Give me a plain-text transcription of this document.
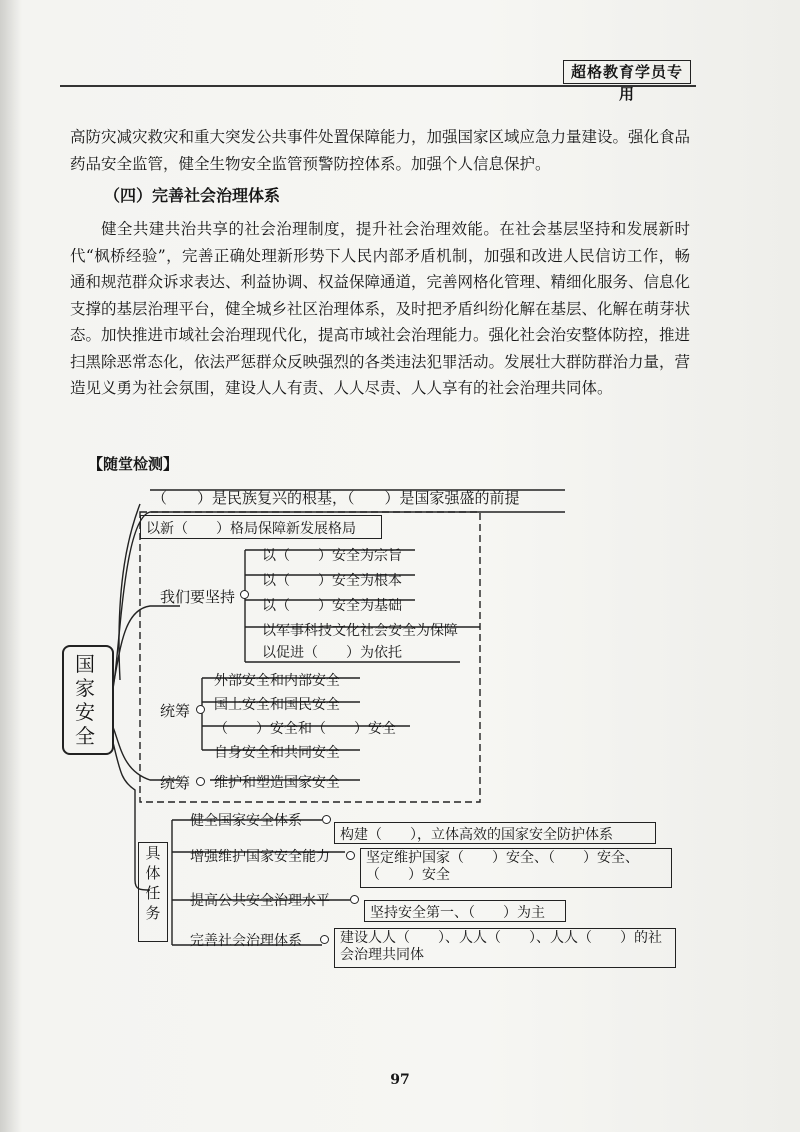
超格教育学员专用
高防灾减灾救灾和重大突发公共事件处置保障能力，加强国家区域应急力量建设。强化食品药品安全监管，健全生物安全监管预警防控体系。加强个人信息保护。
（四）完善社会治理体系
健全共建共治共享的社会治理制度，提升社会治理效能。在社会基层坚持和发展新时代“枫桥经验”，完善正确处理新形势下人民内部矛盾机制，加强和改进人民信访工作，畅通和规范群众诉求表达、利益协调、权益保障通道，完善网格化管理、精细化服务、信息化支撑的基层治理平台，健全城乡社区治理体系，及时把矛盾纠纷化解在基层、化解在萌芽状态。加快推进市域社会治理现代化，提高市域社会治理能力。强化社会治安整体防控，推进扫黑除恶常态化，依法严惩群众反映强烈的各类违法犯罪活动。发展壮大群防群治力量，营造见义勇为社会氛围，建设人人有责、人人尽责、人人享有的社会治理共同体。
【随堂检测】
国家安全
（　　）是民族复兴的根基，（　　）是国家强盛的前提
以新（　　）格局保障新发展格局
我们要坚持
以（　　）安全为宗旨
以（　　）安全为根本
以（　　）安全为基础
以军事科技文化社会安全为保障
以促进（　　）为依托
统筹
外部安全和内部安全
国土安全和国民安全
（　　）安全和（　　）安全
自身安全和共同安全
统筹 维护和塑造国家安全
具体任务
健全国家安全体系
构建（　　），立体高效的国家安全防护体系
增强维护国家安全能力	坚定维护国家（　　）安全、（　　）安全、（　　）安全
提高公共安全治理水平
坚持安全第一、（　　）为主
完善社会治理体系	建设人人（　　）、人人（　　）、人人（　　）的社会治理共同体
97
